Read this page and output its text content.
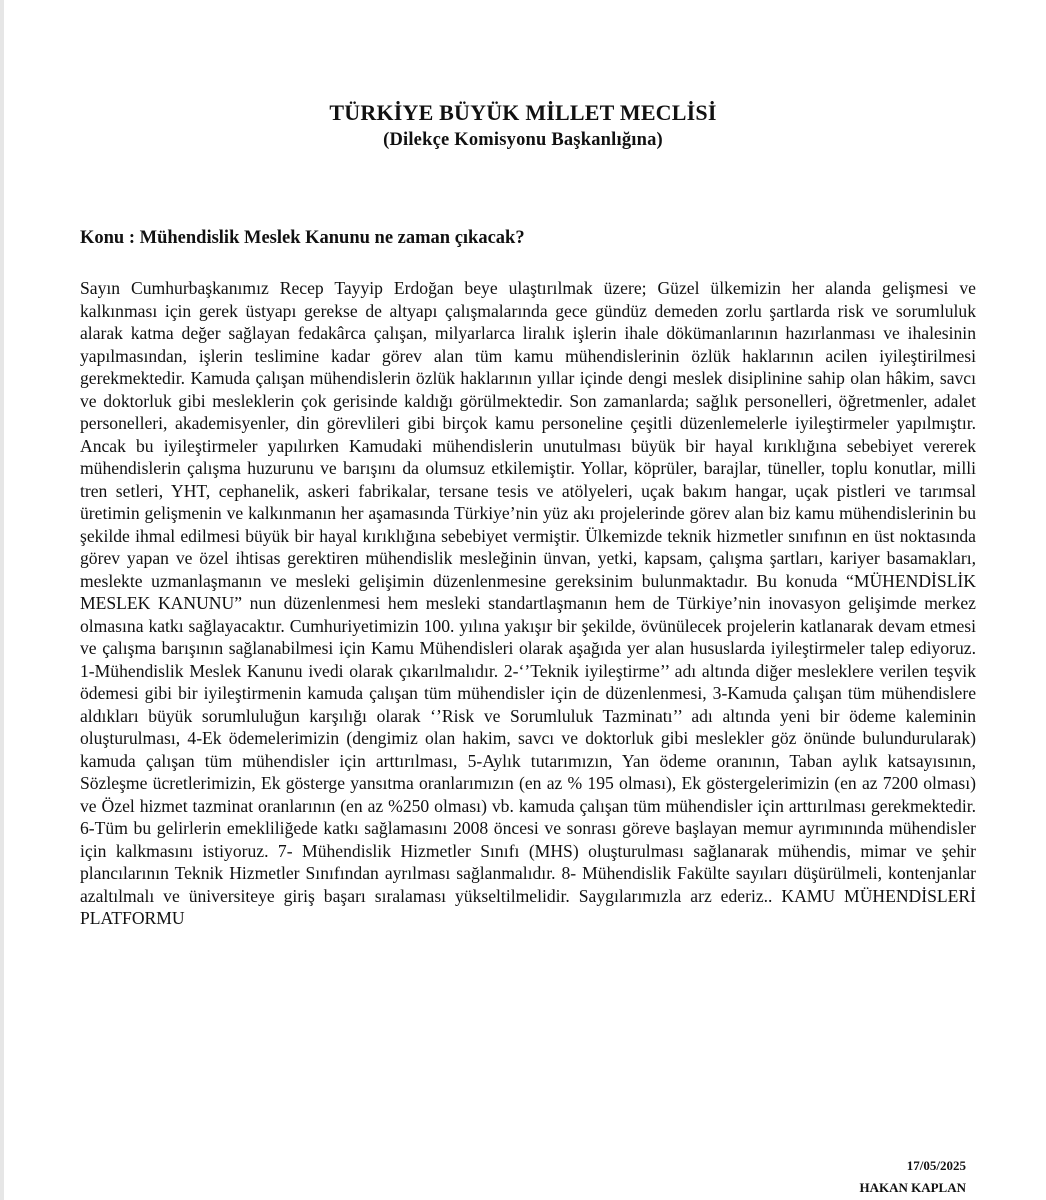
TÜRKİYE BÜYÜK MİLLET MECLİSİ
(Dilekçe Komisyonu Başkanlığına)
Konu : Mühendislik Meslek Kanunu ne zaman çıkacak?
Sayın Cumhurbaşkanımız Recep Tayyip Erdoğan beye ulaştırılmak üzere; Güzel ülkemizin her alanda gelişmesi ve kalkınması için gerek üstyapı gerekse de altyapı çalışmalarında gece gündüz demeden zorlu şartlarda risk ve sorumluluk alarak katma değer sağlayan fedakârca çalışan, milyarlarca liralık işlerin ihale dökümanlarının hazırlanması ve ihalesinin yapılmasından, işlerin teslimine kadar görev alan tüm kamu mühendislerinin özlük haklarının acilen iyileştirilmesi gerekmektedir. Kamuda çalışan mühendislerin özlük haklarının yıllar içinde dengi meslek disiplinine sahip olan hâkim, savcı ve doktorluk gibi mesleklerin çok gerisinde kaldığı görülmektedir. Son zamanlarda; sağlık personelleri, öğretmenler, adalet personelleri, akademisyenler, din görevlileri gibi birçok kamu personeline çeşitli düzenlemelerle iyileştirmeler yapılmıştır. Ancak bu iyileştirmeler yapılırken Kamudaki mühendislerin unutulması büyük bir hayal kırıklığına sebebiyet vererek mühendislerin çalışma huzurunu ve barışını da olumsuz etkilemiştir. Yollar, köprüler, barajlar, tüneller, toplu konutlar, milli tren setleri, YHT, cephanelik, askeri fabrikalar, tersane tesis ve atölyeleri, uçak bakım hangar, uçak pistleri ve tarımsal üretimin gelişmenin ve kalkınmanın her aşamasında Türkiye’nin yüz akı projelerinde görev alan biz kamu mühendislerinin bu şekilde ihmal edilmesi büyük bir hayal kırıklığına sebebiyet vermiştir. Ülkemizde teknik hizmetler sınıfının en üst noktasında görev yapan ve özel ihtisas gerektiren mühendislik mesleğinin ünvan, yetki, kapsam, çalışma şartları, kariyer basamakları, meslekte uzmanlaşmanın ve mesleki gelişimin düzenlenmesine gereksinim bulunmaktadır. Bu konuda “MÜHENDİSLİK MESLEK KANUNU” nun düzenlenmesi hem mesleki standartlaşmanın hem de Türkiye’nin inovasyon gelişimde merkez olmasına katkı sağlayacaktır. Cumhuriyetimizin 100. yılına yakışır bir şekilde, övünülecek projelerin katlanarak devam etmesi ve çalışma barışının sağlanabilmesi için Kamu Mühendisleri olarak aşağıda yer alan hususlarda iyileştirmeler talep ediyoruz. 1-Mühendislik Meslek Kanunu ivedi olarak çıkarılmalıdır. 2-‘’Teknik iyileştirme’’ adı altında diğer mesleklere verilen teşvik ödemesi gibi bir iyileştirmenin kamuda çalışan tüm mühendisler için de düzenlenmesi, 3-Kamuda çalışan tüm mühendislere aldıkları büyük sorumluluğun karşılığı olarak ‘’Risk ve Sorumluluk Tazminatı’’ adı altında yeni bir ödeme kaleminin oluşturulması, 4-Ek ödemelerimizin (dengimiz olan hakim, savcı ve doktorluk gibi meslekler göz önünde bulundurularak) kamuda çalışan tüm mühendisler için arttırılması, 5-Aylık tutarımızın, Yan ödeme oranının, Taban aylık katsayısının, Sözleşme ücretlerimizin, Ek gösterge yansıtma oranlarımızın (en az % 195 olması), Ek göstergelerimizin (en az 7200 olması) ve Özel hizmet tazminat oranlarının (en az %250 olması) vb. kamuda çalışan tüm mühendisler için arttırılması gerekmektedir. 6-Tüm bu gelirlerin emekliliğede katkı sağlamasını 2008 öncesi ve sonrası göreve başlayan memur ayrımınında mühendisler için kalkmasını istiyoruz. 7- Mühendislik Hizmetler Sınıfı (MHS) oluşturulması sağlanarak mühendis, mimar ve şehir plancılarının Teknik Hizmetler Sınıfından ayrılması sağlanmalıdır. 8- Mühendislik Fakülte sayıları düşürülmeli, kontenjanlar azaltılmalı ve üniversiteye giriş başarı sıralaması yükseltilmelidir. Saygılarımızla arz ederiz.. KAMU MÜHENDİSLERİ PLATFORMU
17/05/2025
HAKAN KAPLAN
